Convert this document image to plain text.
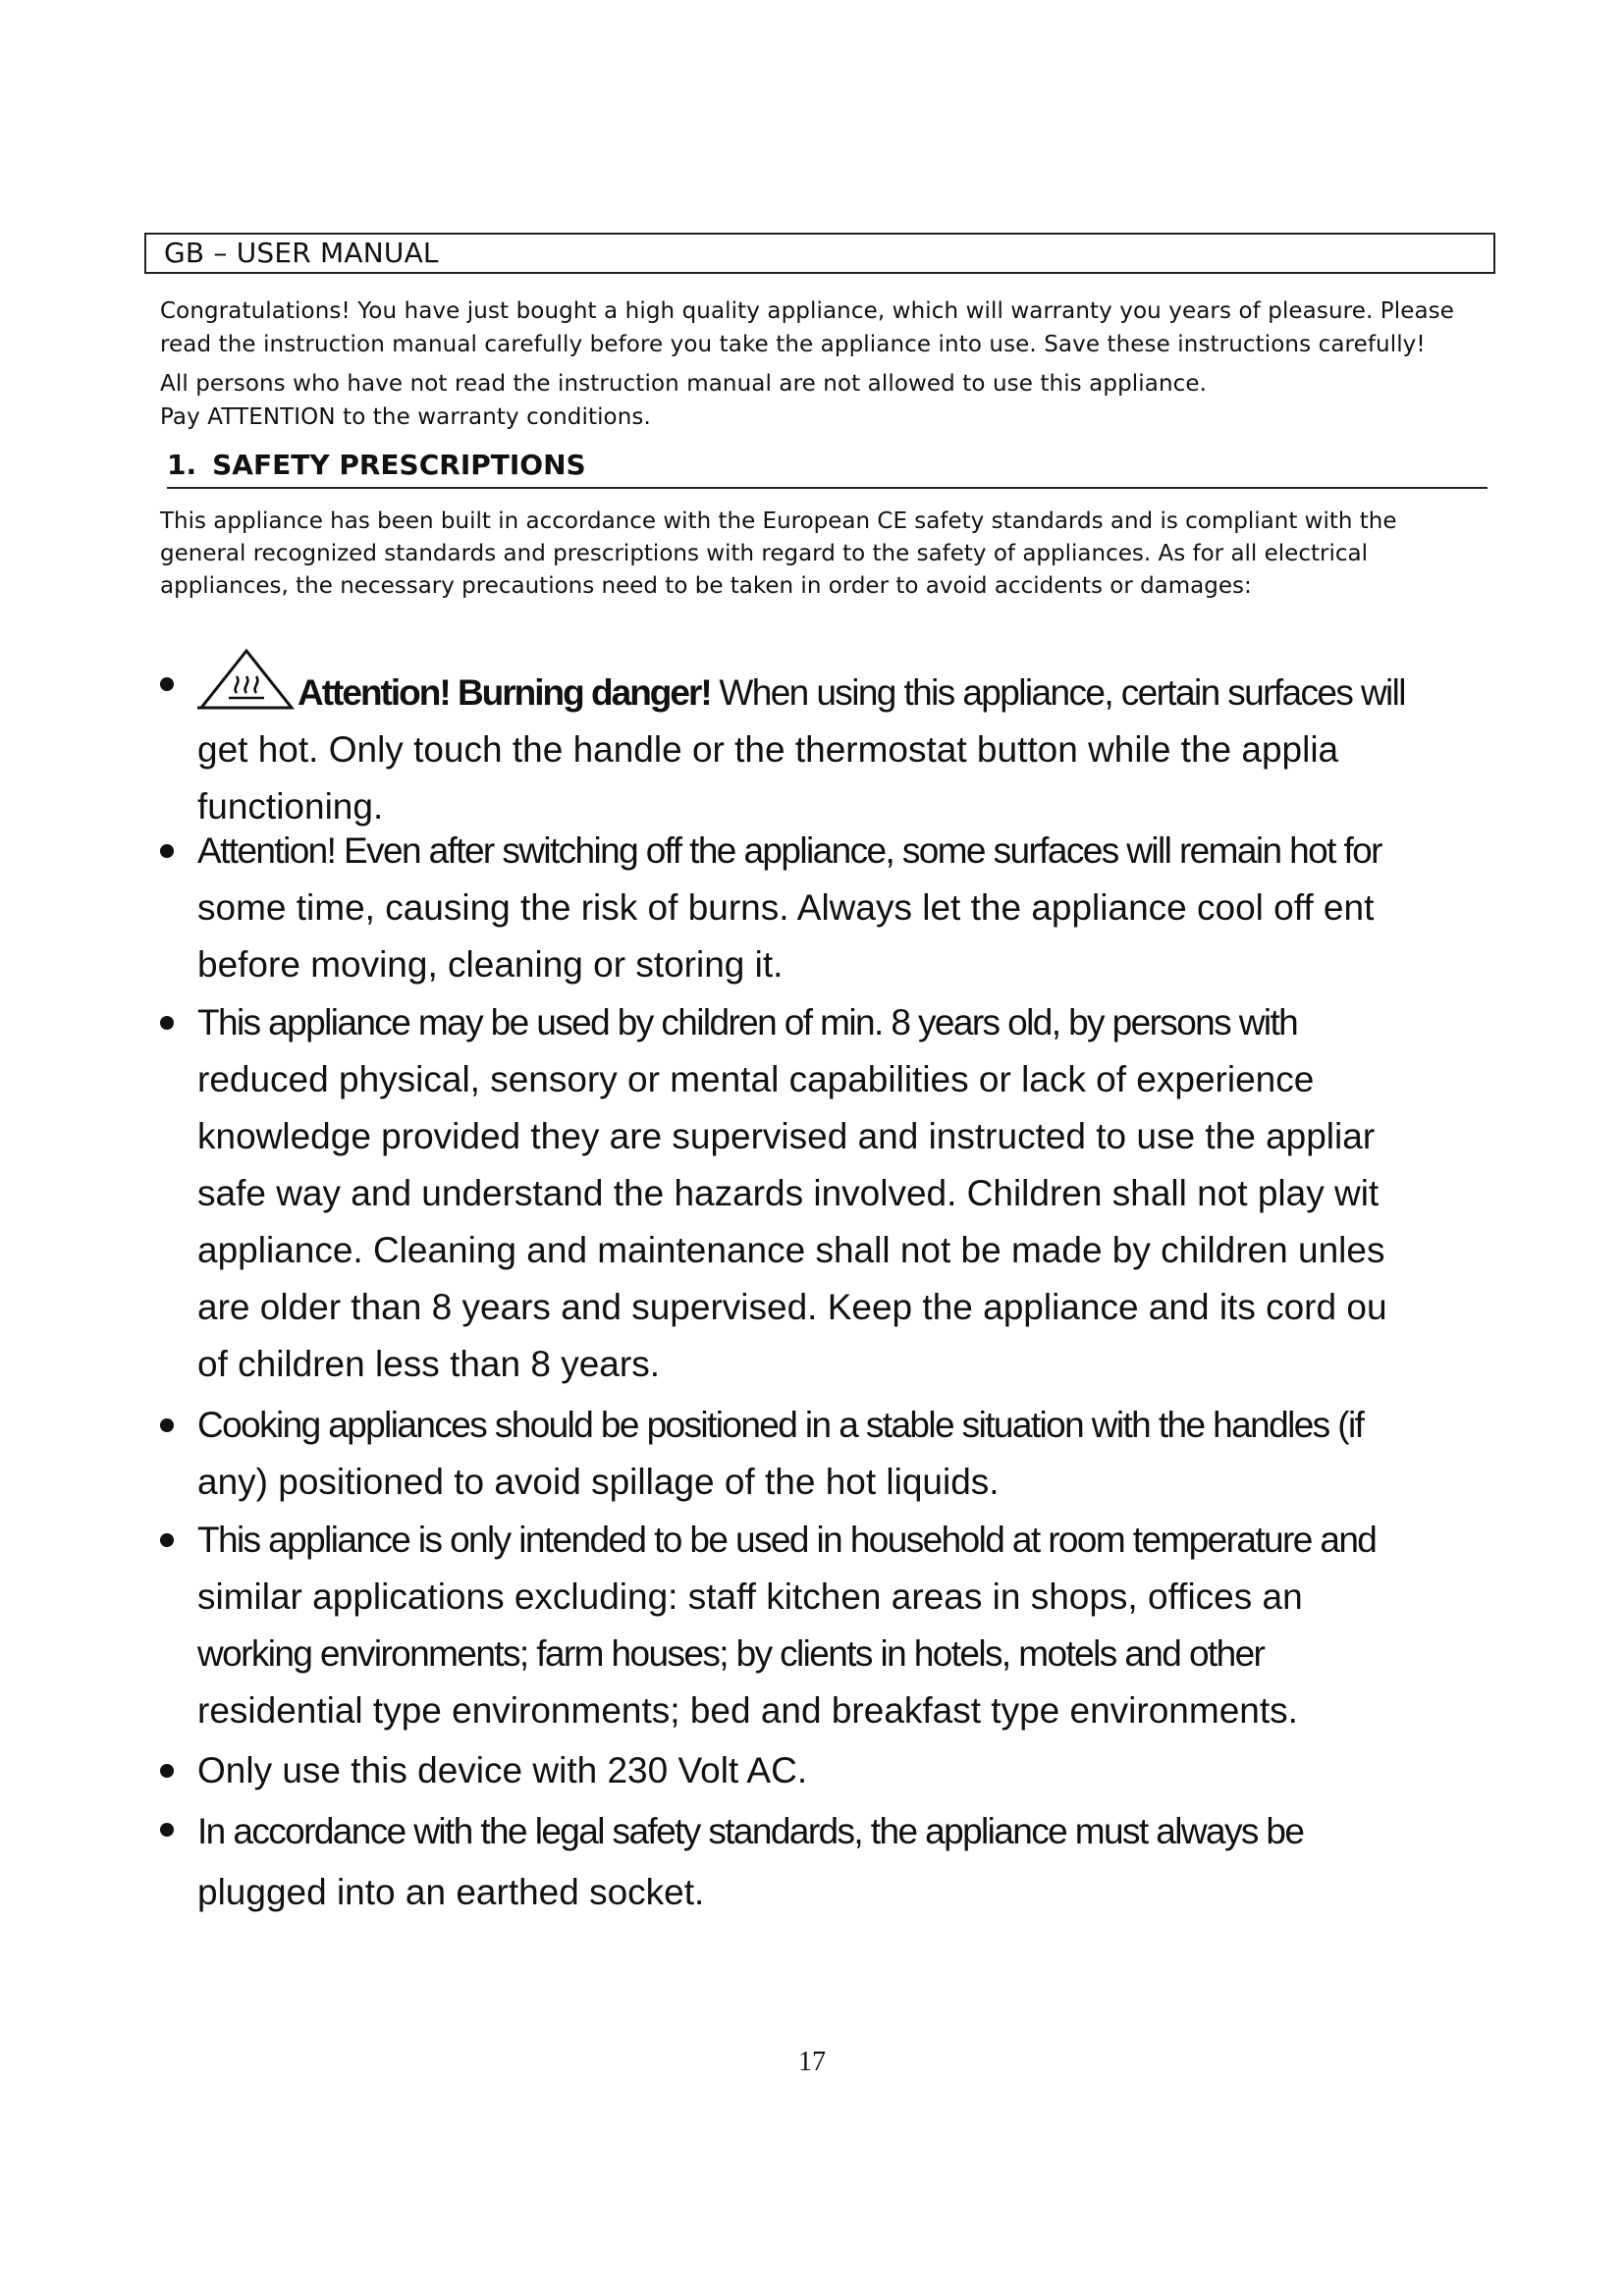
GB – USER MANUAL

Congratulations! You have just bought a high quality appliance, which will warranty you years of pleasure. Please

read the instruction manual carefully before you take the appliance into use. Save these instructions carefully!

All persons who have not read the instruction manual are not allowed to use this appliance.

Pay ATTENTION to the warranty conditions.

1. SAFETY PRESCRIPTIONS

This appliance has been built in accordance with the European CE safety standards and is compliant with the

general recognized standards and prescriptions with regard to the safety of appliances. As for all electrical

appliances, the necessary precautions need to be taken in order to avoid accidents or damages:

Attention! Burning danger! When using this appliance, certain surfaces will
get hot. Only touch the handle or the thermostat button while the applia
functioning.
Attention! Even after switching off the appliance, some surfaces will remain hot for
some time, causing the risk of burns. Always let the appliance cool off ent
before moving, cleaning or storing it.
This appliance may be used by children of min. 8 years old, by persons with
reduced physical, sensory or mental capabilities or lack of experience
knowledge provided they are supervised and instructed to use the appliar
safe way and understand the hazards involved. Children shall not play wit
appliance. Cleaning and maintenance shall not be made by children unles
are older than 8 years and supervised. Keep the appliance and its cord ou
of children less than 8 years.
Cooking appliances should be positioned in a stable situation with the handles (if
any) positioned to avoid spillage of the hot liquids.
This appliance is only intended to be used in household at room temperature and
similar applications excluding: staff kitchen areas in shops, offices an
working environments; farm houses; by clients in hotels, motels and other
residential type environments; bed and breakfast type environments.
Only use this device with 230 Volt AC.
In accordance with the legal safety standards, the appliance must always be
plugged into an earthed socket.
17
